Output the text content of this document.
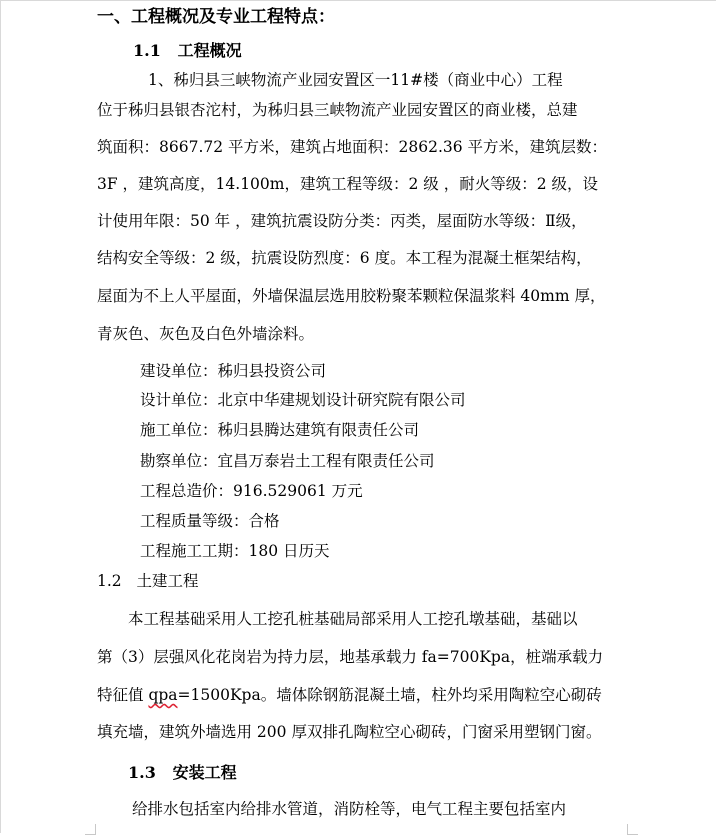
一、工程概况及专业工程特点：
1.1 工程概况
1、秭归县三峡物流产业园安置区一11#楼（商业中心）工程
位于秭归县银杏沱村，为秭归县三峡物流产业园安置区的商业楼，总建
筑面积：8667.72 平方米，建筑占地面积：2862.36 平方米，建筑层数：
3F ，建筑高度，14.100m，建筑工程等级：2 级 ，耐火等级：2 级，设
计使用年限：50 年 ，建筑抗震设防分类：丙类，屋面防水等级：Ⅱ级，
结构安全等级：2 级，抗震设防烈度：6 度。本工程为混凝土框架结构，
屋面为不上人平屋面，外墙保温层选用胶粉聚苯颗粒保温浆料 40mm 厚，
青灰色、灰色及白色外墙涂料。
建设单位：秭归县投资公司
设计单位：北京中华建规划设计研究院有限公司
施工单位：秭归县腾达建筑有限责任公司
勘察单位：宜昌万泰岩土工程有限责任公司
工程总造价：916.529061 万元
工程质量等级：合格
工程施工工期：180 日历天
1.2 土建工程
本工程基础采用人工挖孔桩基础局部采用人工挖孔墩基础，基础以
第（3）层强风化花岗岩为持力层，地基承载力 fa=700Kpa，桩端承载力
特征值 qpa=1500Kpa。墙体除钢筋混凝土墙，柱外均采用陶粒空心砌砖
填充墙，建筑外墙选用 200 厚双排孔陶粒空心砌砖，门窗采用塑钢门窗。
1.3 安装工程
给排水包括室内给排水管道，消防栓等，电气工程主要包括室内
